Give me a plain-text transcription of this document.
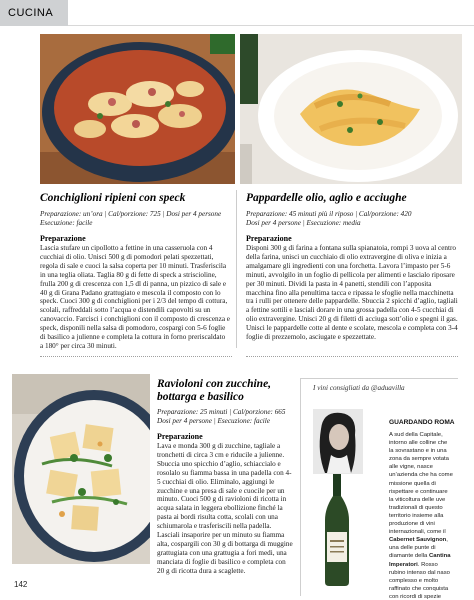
CUCINA
Conchiglioni ripieni con speck
Preparazione: un’ora | Cal/porzione: 725 | Dosi per 4 persone
Esecuzione: facile
Preparazione
Lascia stufare un cipollotto a fettine in una casseruola con 4 cucchiai di olio. Unisci 500 g di pomodori pelati spezzettati, regola di sale e cuoci la salsa coperta per 10 minuti. Trasferiscila in una teglia oliata. Taglia 80 g di fette di speck a striscioline, frulla 200 g di crescenza con 1,5 dl di panna, un pizzico di sale e 40 g di Grana Padano grattugiato e mescola il composto con lo speck. Cuoci 300 g di conchiglioni per i 2/3 del tempo di cottura, scolali, raffreddali sotto l’acqua e distendili capovolti su un canovaccio. Farcisci i conchiglioni con il composto di crescenza e speck, disponili nella salsa di pomodoro, cospargi con 5-6 foglie di basilico a julienne e completa la cottura in forno preriscaldato a 180° per circa 30 minuti.
Pappardelle olio, aglio e acciughe
Preparazione: 45 minuti più il riposo | Cal/porzione: 420
Dosi per 4 persone | Esecuzione: media
Preparazione
Disponi 300 g di farina a fontana sulla spianatoia, rompi 3 uova al centro della farina, unisci un cucchiaio di olio extravergine di oliva e inizia a amalgamare gli ingredienti con una forchetta. Lavora l’impasto per 5-6 minuti, avvolgilo in un foglio di pellicola per alimenti e lascialo riposare per 30 minuti. Dividi la pasta in 4 panetti, stendili con l’apposita macchina fino alla penultima tacca e ripassa le sfoglie nella macchinetta tra i rulli per ottenere delle pappardelle. Sbuccia 2 spicchi d’aglio, tagliali a fettine sottili e lasciali dorare in una grossa padella con 4-5 cucchiai di olio extravergine. Unisci 20 g di filetti di acciuga sott’olio e spegni il gas. Unisci le pappardelle cotte al dente e scolate, mescola e completa con 3-4 foglie di prezzemolo, asciugate e spezzettate.
Ravioloni con zucchine,
bottarga e basilico
Preparazione: 25 minuti | Cal/porzione: 665
Dosi per 4 persone | Esecuzione: facile
Preparazione
Lava e monda 300 g di zucchine, tagliale a tronchetti di circa 3 cm e riducile a julienne. Sbuccia uno spicchio d’aglio, schiaccialo e rosolalo su fiamma bassa in una padella con 4-5 cucchiai di olio. Eliminalo, aggiungi le zucchine e una presa di sale e cuocile per un minuto. Cuoci 500 g di ravioloni di ricotta in acqua salata in leggera ebollizione finché la pasta ai bordi risulta cotta, scolali con una schiumarola e trasferiscili nella padella. Lasciali insaporire per un minuto su fiamma alta, cospargili con 30 g di bottarga di muggine grattugiata con una grattugia a fori medi, una manciata di foglie di basilico e completa con 20 g di ricotta dura a scaglette.
I vini consigliati da @aduavilla
GUARDANDO ROMA
A sud della Capitale, intorno alle colline che la sovrastano e in una zona da sempre votata alle vigne, nasce un’azienda che ha come missione quella di rispettare e continuare la viticoltura delle uve tradizionali di questo territorio insieme alla produzione di vini internazionali, come il Cabernet Sauvignon, una delle punte di diamante della Cantina Imperatori. Rosso rubino intenso dal naso complesso e molto raffinato che conquista con ricordi di spezie
142
